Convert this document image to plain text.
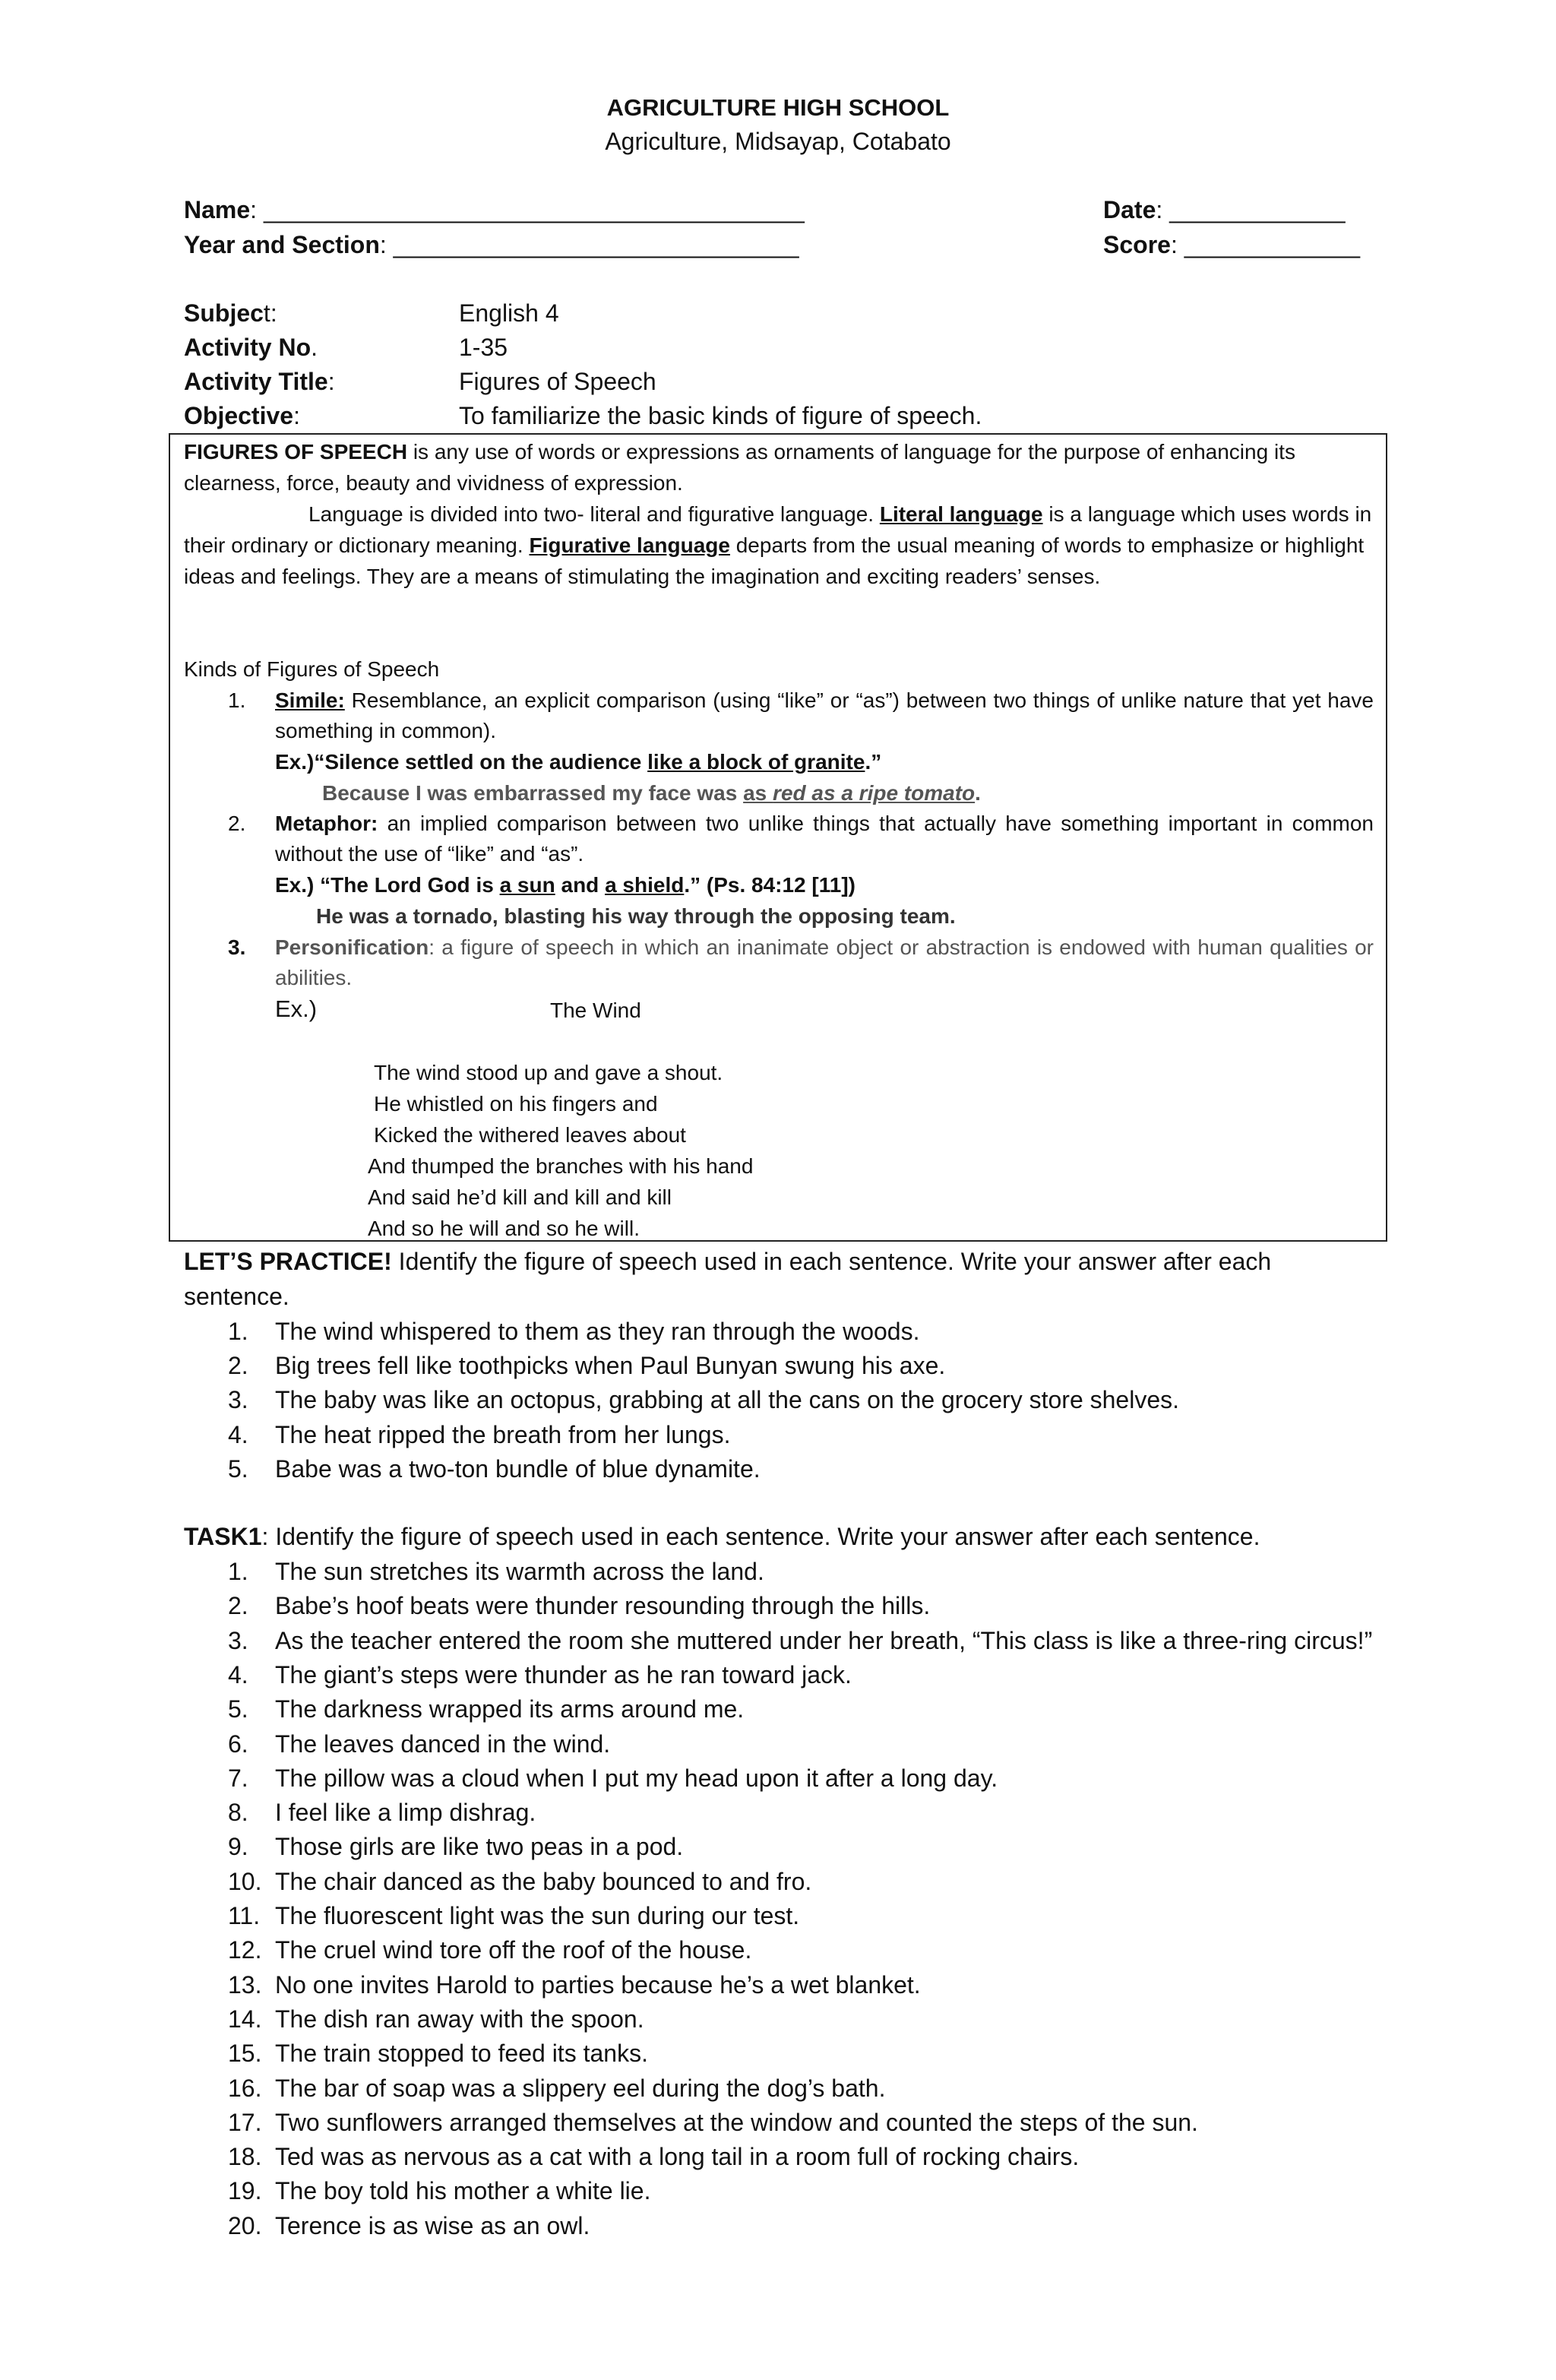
AGRICULTURE HIGH SCHOOL
Agriculture, Midsayap, Cotabato
Name: ________________________________________	Date: _____________
Year and Section: ______________________________	Score: _____________
Subject:	English 4
Activity No.	1-35
Activity Title:	Figures of Speech
Objective:	To familiarize the basic kinds of figure of speech.
FIGURES OF SPEECH is any use of words or expressions as ornaments of language for the purpose of enhancing its clearness, force, beauty and vividness of expression.
Language is divided into two- literal and figurative language. Literal language is a language which uses words in their ordinary or dictionary meaning. Figurative language departs from the usual meaning of words to emphasize or highlight ideas and feelings. They are a means of stimulating the imagination and exciting readers’ senses.
Kinds of Figures of Speech
1. Simile: Resemblance, an explicit comparison (using “like” or “as”) between two things of unlike nature that yet have something in common).
Ex.)“Silence settled on the audience like a block of granite.”
Because I was embarrassed my face was as red as a ripe tomato.
2. Metaphor: an implied comparison between two unlike things that actually have something important in common without the use of “like” and “as”.
Ex.) “The Lord God is a sun and a shield.” (Ps. 84:12 [11])
He was a tornado, blasting his way through the opposing team.
3. Personification: a figure of speech in which an inanimate object or abstraction is endowed with human qualities or abilities.
Ex.)	The Wind
The wind stood up and gave a shout.
He whistled on his fingers and
Kicked the withered leaves about
And thumped the branches with his hand
And said he’d kill and kill and kill
And so he will and so he will.
LET’S PRACTICE! Identify the figure of speech used in each sentence. Write your answer after each
sentence.
1. The wind whispered to them as they ran through the woods.
2. Big trees fell like toothpicks when Paul Bunyan swung his axe.
3. The baby was like an octopus, grabbing at all the cans on the grocery store shelves.
4. The heat ripped the breath from her lungs.
5. Babe was a two-ton bundle of blue dynamite.
TASK1: Identify the figure of speech used in each sentence. Write your answer after each sentence.
1. The sun stretches its warmth across the land.
2. Babe’s hoof beats were thunder resounding through the hills.
3. As the teacher entered the room she muttered under her breath, “This class is like a three-ring circus!”
4. The giant’s steps were thunder as he ran toward jack.
5. The darkness wrapped its arms around me.
6. The leaves danced in the wind.
7. The pillow was a cloud when I put my head upon it after a long day.
8. I feel like a limp dishrag.
9. Those girls are like two peas in a pod.
10. The chair danced as the baby bounced to and fro.
11. The fluorescent light was the sun during our test.
12. The cruel wind tore off the roof of the house.
13. No one invites Harold to parties because he’s a wet blanket.
14. The dish ran away with the spoon.
15. The train stopped to feed its tanks.
16. The bar of soap was a slippery eel during the dog’s bath.
17. Two sunflowers arranged themselves at the window and counted the steps of the sun.
18. Ted was as nervous as a cat with a long tail in a room full of rocking chairs.
19. The boy told his mother a white lie.
20. Terence is as wise as an owl.
